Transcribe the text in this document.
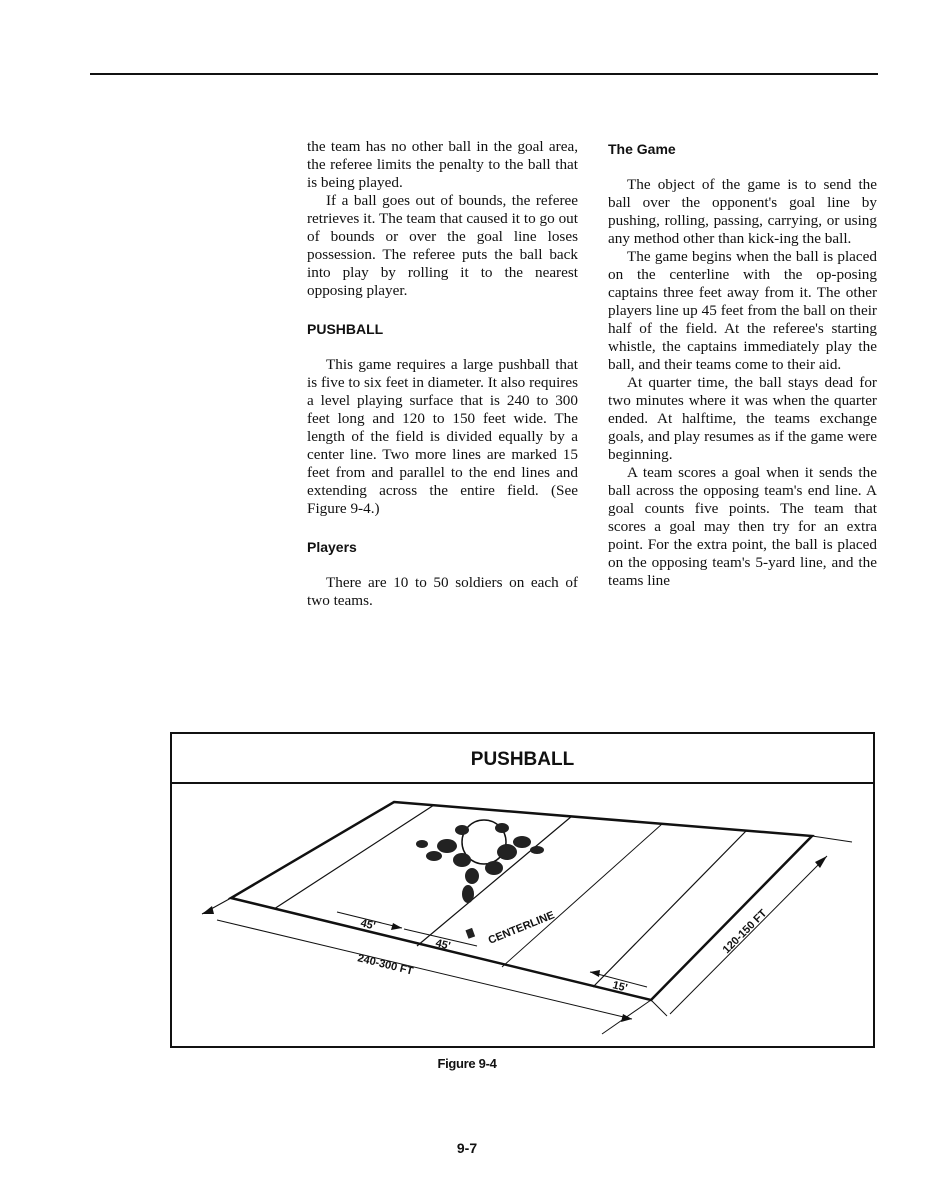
the team has no other ball in the goal area, the referee limits the penalty to the ball that is being played.

If a ball goes out of bounds, the referee retrieves it. The team that caused it to go out of bounds or over the goal line loses possession. The referee puts the ball back into play by rolling it to the nearest opposing player.

PUSHBALL

This game requires a large pushball that is five to six feet in diameter. It also requires a level playing surface that is 240 to 300 feet long and 120 to 150 feet wide. The length of the field is divided equally by a center line. Two more lines are marked 15 feet from and parallel to the end lines and extending across the entire field. (See Figure 9-4.)

Players

There are 10 to 50 soldiers on each of two teams.

The Game

The object of the game is to send the ball over the opponent's goal line by pushing, rolling, passing, carrying, or using any method other than kick-ing the ball.

The game begins when the ball is placed on the centerline with the op-posing captains three feet away from it. The other players line up 45 feet from the ball on their half of the field. At the referee's starting whistle, the captains immediately play the ball, and their teams come to their aid.

At quarter time, the ball stays dead for two minutes where it was when the quarter ended. At halftime, the teams exchange goals, and play resumes as if the game were beginning.

A team scores a goal when it sends the ball across the opposing team's end line. A goal counts five points. The team that scores a goal may then try for an extra point. For the extra point, the ball is placed on the opposing team's 5-yard line, and the teams line

PUSHBALL
CENTERLINE
45'
45'
240-300 FT
120-150 FT
15'
Figure 9-4
9-7
